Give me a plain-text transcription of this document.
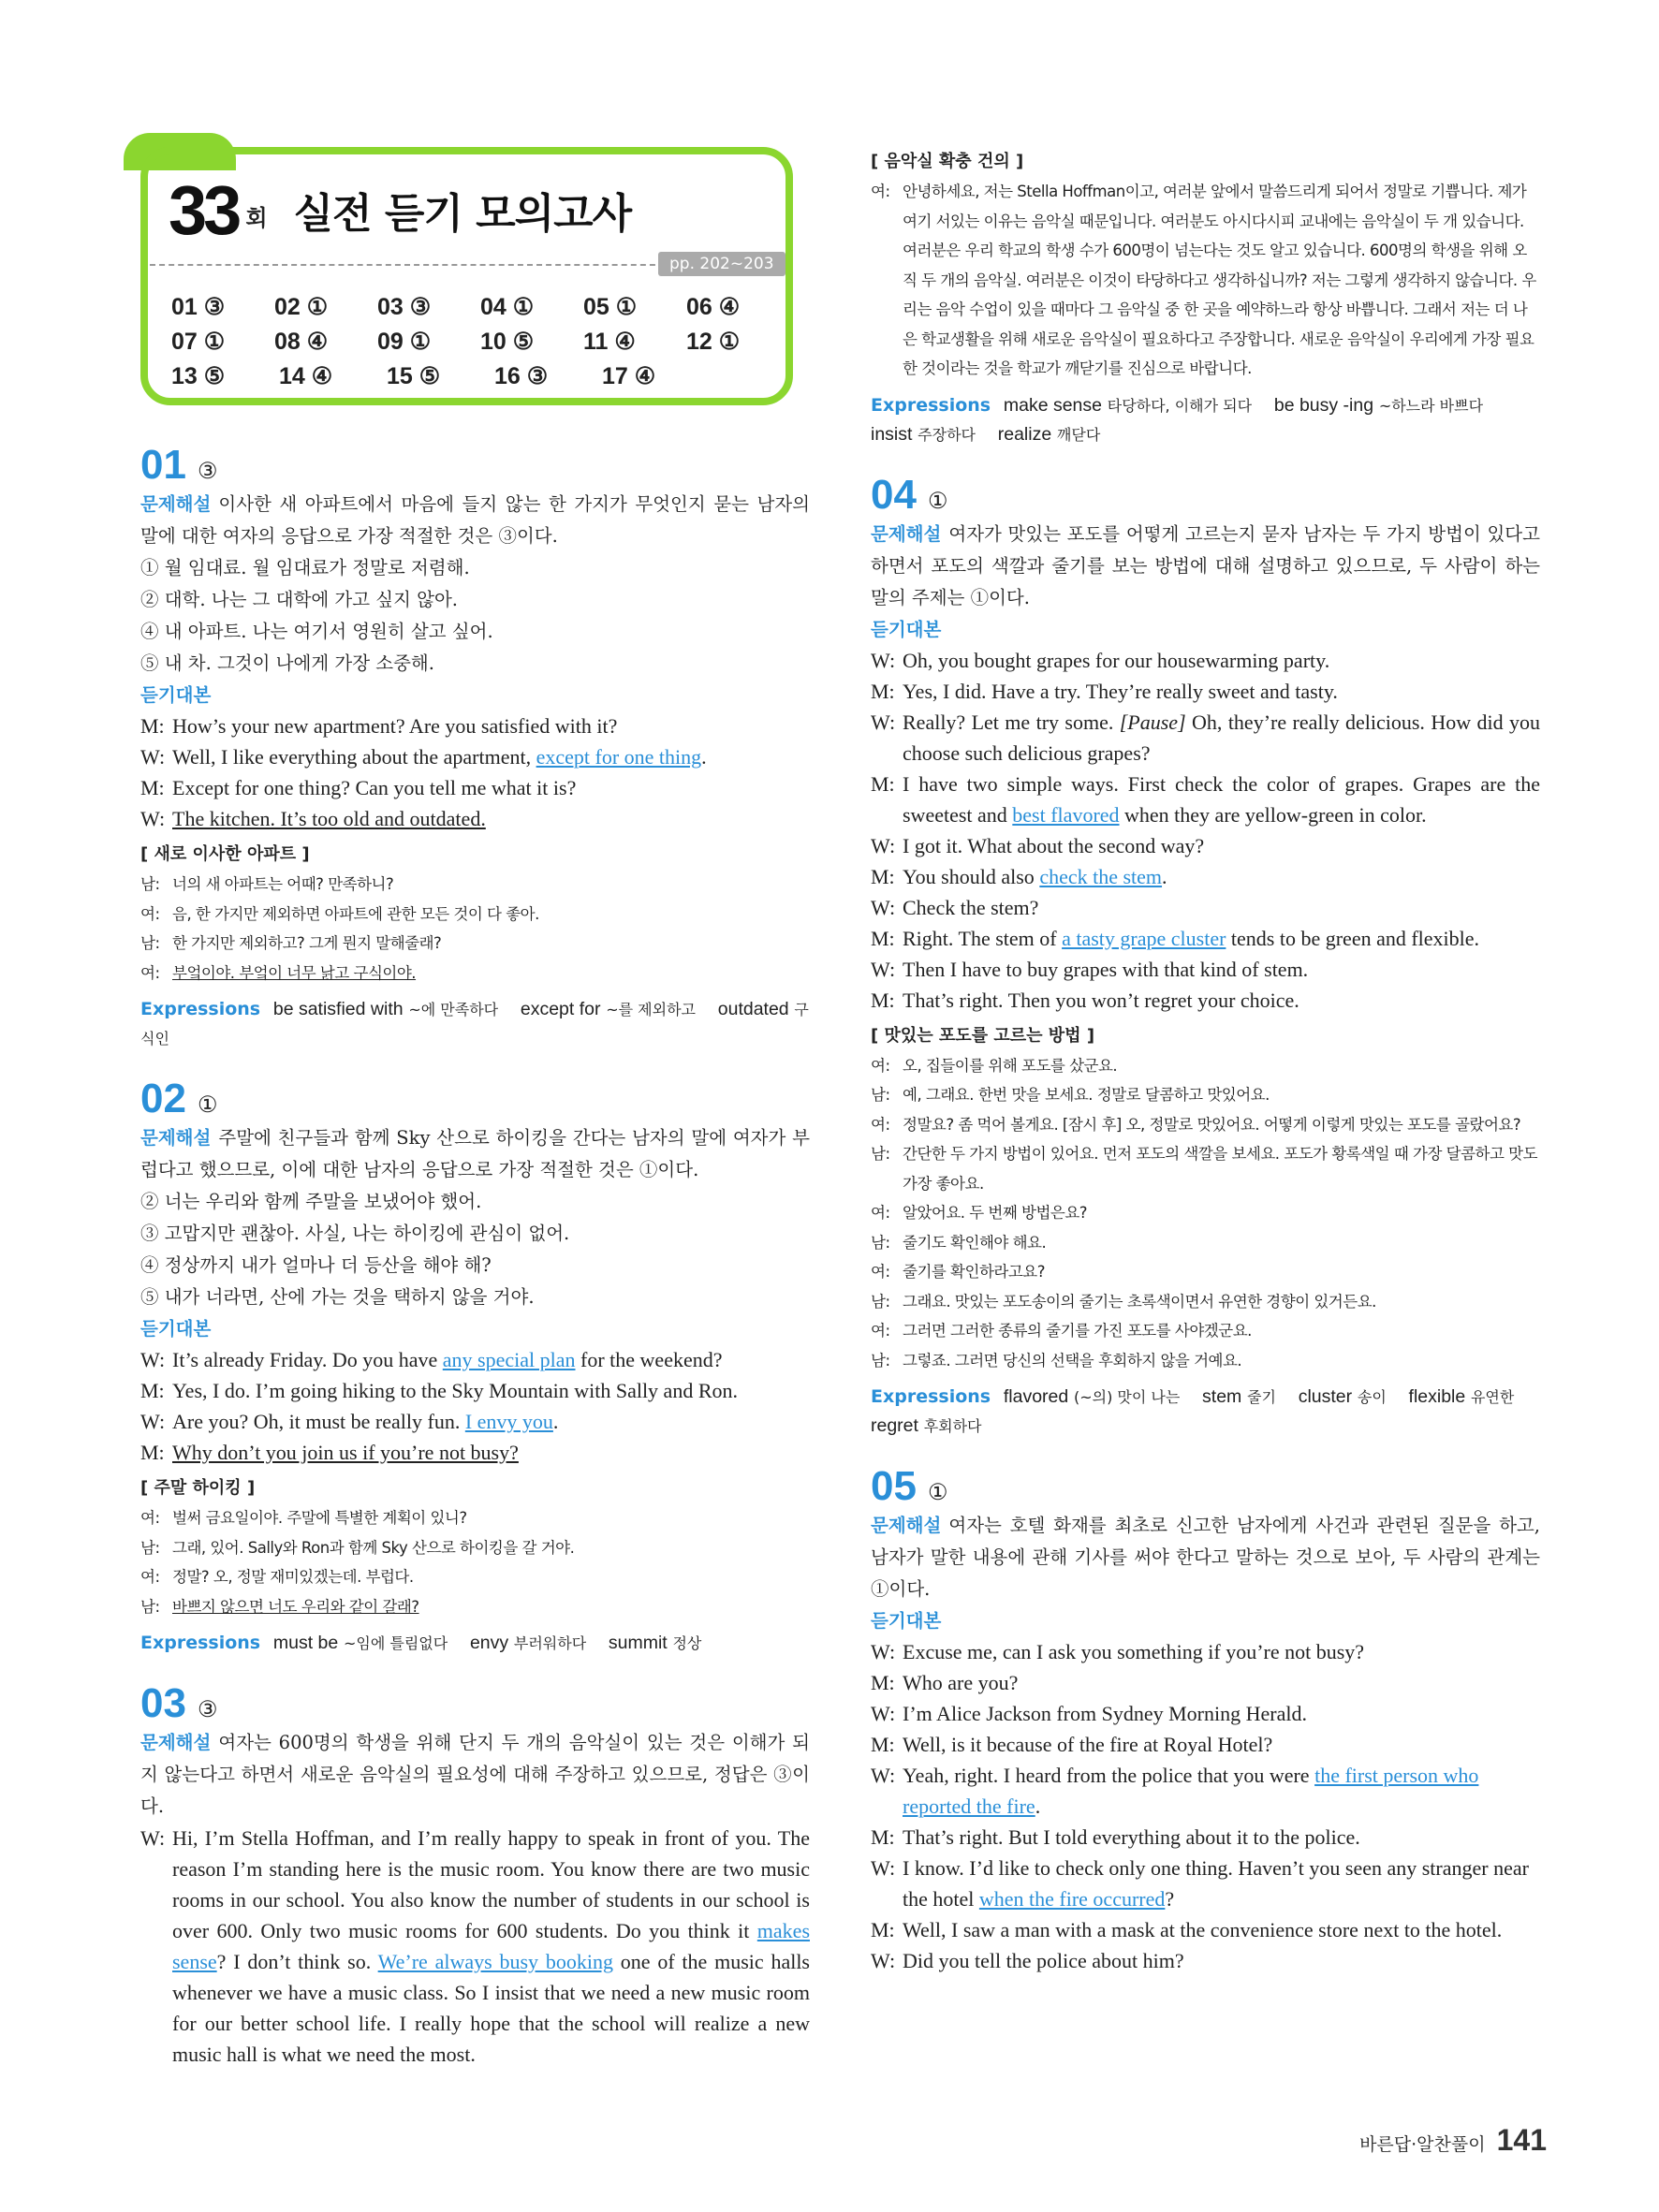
33 회 실전 듣기 모의고사
pp. 202~203
01 ③	02 ①	03 ③	04 ①	05 ①	06 ④
07 ①	08 ④	09 ①	10 ⑤	11 ④	12 ①
13 ⑤	14 ④	15 ⑤	16 ③	17 ④
01 ③
문제해설 이사한 새 아파트에서 마음에 들지 않는 한 가지가 무엇인지 묻는 남자의 말에 대한 여자의 응답으로 가장 적절한 것은 ③이다.
① 월 임대료. 월 임대료가 정말로 저렴해.
② 대학. 나는 그 대학에 가고 싶지 않아.
④ 내 아파트. 나는 여기서 영원히 살고 싶어.
⑤ 내 차. 그것이 나에게 가장 소중해.
듣기대본
M: How’s your new apartment? Are you satisfied with it?
W: Well, I like everything about the apartment, except for one thing.
M: Except for one thing? Can you tell me what it is?
W: The kitchen. It’s too old and outdated.
[ 새로 이사한 아파트 ]
남: 너의 새 아파트는 어때? 만족하니?
여: 음, 한 가지만 제외하면 아파트에 관한 모든 것이 다 좋아.
남: 한 가지만 제외하고? 그게 뭔지 말해줄래?
여: 부엌이야. 부엌이 너무 낡고 구식이야.
Expressions be satisfied with ~에 만족하다 except for ~를 제외하고 outdated 구식인
02 ①
문제해설 주말에 친구들과 함께 Sky 산으로 하이킹을 간다는 남자의 말에 여자가 부럽다고 했으므로, 이에 대한 남자의 응답으로 가장 적절한 것은 ①이다.
② 너는 우리와 함께 주말을 보냈어야 했어.
③ 고맙지만 괜찮아. 사실, 나는 하이킹에 관심이 없어.
④ 정상까지 내가 얼마나 더 등산을 해야 해?
⑤ 내가 너라면, 산에 가는 것을 택하지 않을 거야.
듣기대본
W: It’s already Friday. Do you have any special plan for the weekend?
M: Yes, I do. I’m going hiking to the Sky Mountain with Sally and Ron.
W: Are you? Oh, it must be really fun. I envy you.
M: Why don’t you join us if you’re not busy?
[ 주말 하이킹 ]
여: 벌써 금요일이야. 주말에 특별한 계획이 있니?
남: 그래, 있어. Sally와 Ron과 함께 Sky 산으로 하이킹을 갈 거야.
여: 정말? 오, 정말 재미있겠는데. 부럽다.
남: 바쁘지 않으면 너도 우리와 같이 갈래?
Expressions must be ~임에 틀림없다 envy 부러워하다 summit 정상
03 ③
문제해설 여자는 600명의 학생을 위해 단지 두 개의 음악실이 있는 것은 이해가 되지 않는다고 하면서 새로운 음악실의 필요성에 대해 주장하고 있으므로, 정답은 ③이다.
W: Hi, I’m Stella Hoffman, and I’m really happy to speak in front of you. The reason I’m standing here is the music room. You know there are two music rooms in our school. You also know the number of students in our school is over 600. Only two music rooms for 600 students. Do you think it makes sense? I don’t think so. We’re always busy booking one of the music halls whenever we have a music class. So I insist that we need a new music room for our better school life. I really hope that the school will realize a new music hall is what we need the most.
[ 음악실 확충 건의 ]
여: 안녕하세요, 저는 Stella Hoffman이고, 여러분 앞에서 말씀드리게 되어서 정말로 기쁩니다. 제가 여기 서있는 이유는 음악실 때문입니다. 여러분도 아시다시피 교내에는 음악실이 두 개 있습니다. 여러분은 우리 학교의 학생 수가 600명이 넘는다는 것도 알고 있습니다. 600명의 학생을 위해 오직 두 개의 음악실. 여러분은 이것이 타당하다고 생각하십니까? 저는 그렇게 생각하지 않습니다. 우리는 음악 수업이 있을 때마다 그 음악실 중 한 곳을 예약하느라 항상 바쁩니다. 그래서 저는 더 나은 학교생활을 위해 새로운 음악실이 필요하다고 주장합니다. 새로운 음악실이 우리에게 가장 필요한 것이라는 것을 학교가 깨닫기를 진심으로 바랍니다.
Expressions make sense 타당하다, 이해가 되다 be busy -ing ~하느라 바쁘다 insist 주장하다 realize 깨닫다
04 ①
문제해설 여자가 맛있는 포도를 어떻게 고르는지 묻자 남자는 두 가지 방법이 있다고 하면서 포도의 색깔과 줄기를 보는 방법에 대해 설명하고 있으므로, 두 사람이 하는 말의 주제는 ①이다.
듣기대본
W: Oh, you bought grapes for our housewarming party.
M: Yes, I did. Have a try. They’re really sweet and tasty.
W: Really? Let me try some. [Pause] Oh, they’re really delicious. How did you choose such delicious grapes?
M: I have two simple ways. First check the color of grapes. Grapes are the sweetest and best flavored when they are yellow-green in color.
W: I got it. What about the second way?
M: You should also check the stem.
W: Check the stem?
M: Right. The stem of a tasty grape cluster tends to be green and flexible.
W: Then I have to buy grapes with that kind of stem.
M: That’s right. Then you won’t regret your choice.
[ 맛있는 포도를 고르는 방법 ]
여: 오, 집들이를 위해 포도를 샀군요.
남: 예, 그래요. 한번 맛을 보세요. 정말로 달콤하고 맛있어요.
여: 정말요? 좀 먹어 볼게요. [잠시 후] 오, 정말로 맛있어요. 어떻게 이렇게 맛있는 포도를 골랐어요?
남: 간단한 두 가지 방법이 있어요. 먼저 포도의 색깔을 보세요. 포도가 황록색일 때 가장 달콤하고 맛도 가장 좋아요.
여: 알았어요. 두 번째 방법은요?
남: 줄기도 확인해야 해요.
여: 줄기를 확인하라고요?
남: 그래요. 맛있는 포도송이의 줄기는 초록색이면서 유연한 경향이 있거든요.
여: 그러면 그러한 종류의 줄기를 가진 포도를 사야겠군요.
남: 그렇죠. 그러면 당신의 선택을 후회하지 않을 거예요.
Expressions flavored (~의) 맛이 나는 stem 줄기 cluster 송이 flexible 유연한 regret 후회하다
05 ①
문제해설 여자는 호텔 화재를 최초로 신고한 남자에게 사건과 관련된 질문을 하고, 남자가 말한 내용에 관해 기사를 써야 한다고 말하는 것으로 보아, 두 사람의 관계는 ①이다.
듣기대본
W: Excuse me, can I ask you something if you’re not busy?
M: Who are you?
W: I’m Alice Jackson from Sydney Morning Herald.
M: Well, is it because of the fire at Royal Hotel?
W: Yeah, right. I heard from the police that you were the first person who reported the fire.
M: That’s right. But I told everything about it to the police.
W: I know. I’d like to check only one thing. Haven’t you seen any stranger near the hotel when the fire occurred?
M: Well, I saw a man with a mask at the convenience store next to the hotel.
W: Did you tell the police about him?
바른답·알찬풀이 141
